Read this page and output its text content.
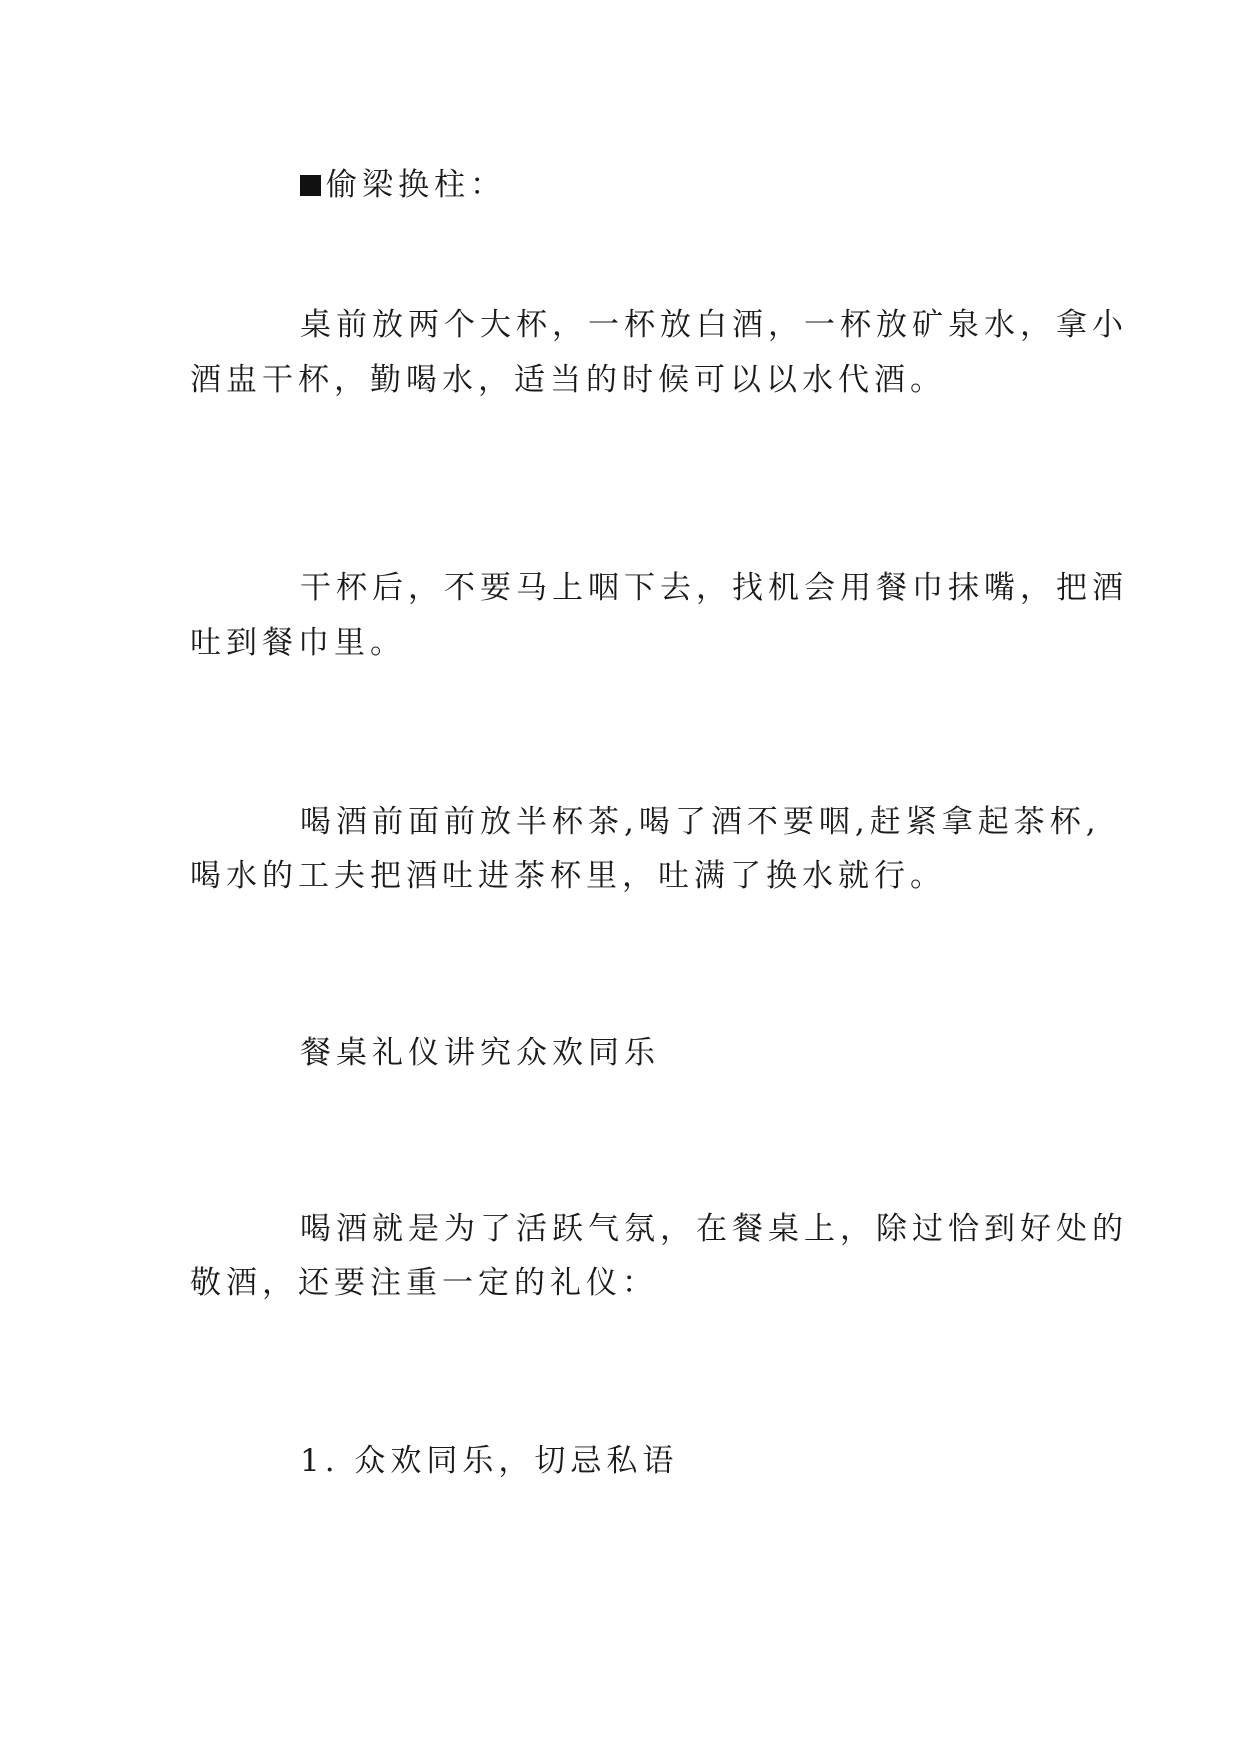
偷梁换柱：
桌前放两个大杯，一杯放白酒，一杯放矿泉水，拿小
酒盅干杯，勤喝水，适当的时候可以以水代酒。
干杯后，不要马上咽下去，找机会用餐巾抹嘴，把酒
吐到餐巾里。
喝酒前面前放半杯茶,喝了酒不要咽,赶紧拿起茶杯,
喝水的工夫把酒吐进茶杯里，吐满了换水就行。
餐桌礼仪讲究众欢同乐
喝酒就是为了活跃气氛，在餐桌上，除过恰到好处的
敬酒，还要注重一定的礼仪：
1. 众欢同乐，切忌私语
